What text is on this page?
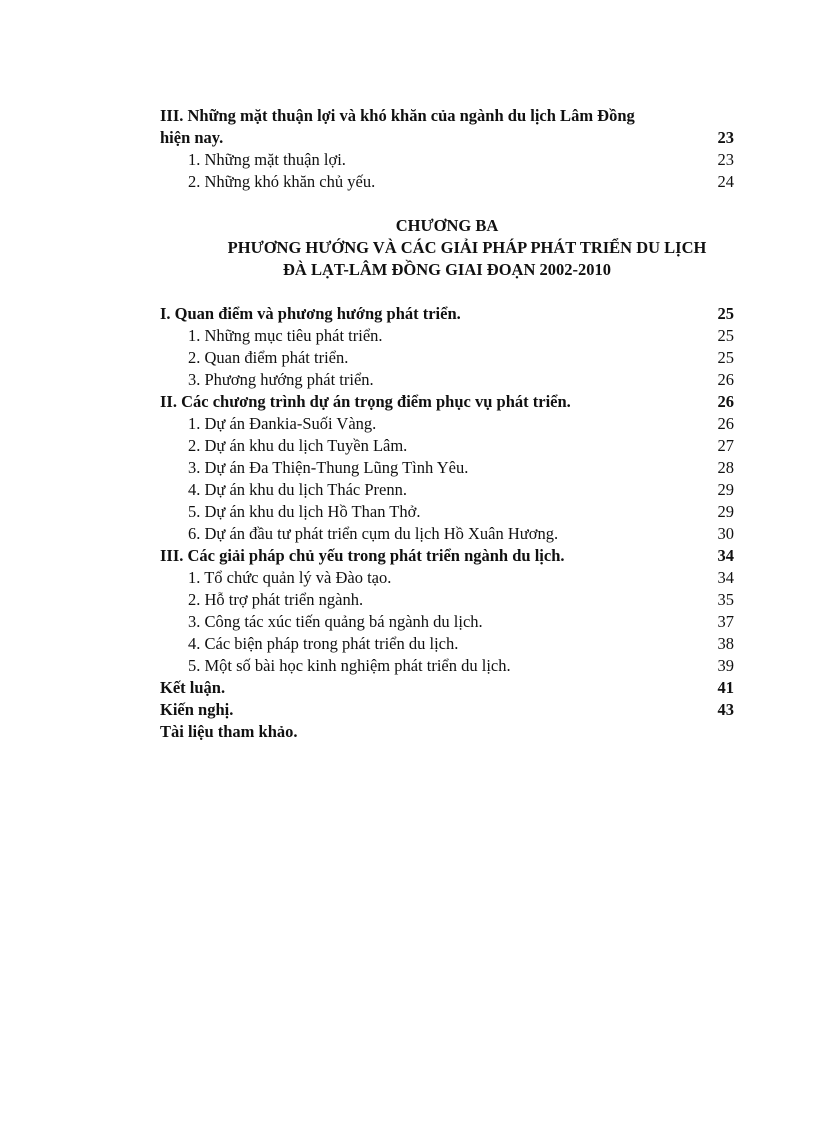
III. Những mặt thuận lợi và khó khăn của ngành du lịch Lâm Đồng
hiện nay.	23
1. Những mặt thuận lợi.	23
2. Những khó khăn chủ yếu.	24
CHƯƠNG BA
PHƯƠNG HƯỚNG VÀ CÁC GIẢI PHÁP PHÁT TRIỂN DU LỊCH
ĐÀ LẠT-LÂM ĐỒNG GIAI ĐOẠN 2002-2010
I. Quan điểm và phương hướng phát triển.	25
1. Những mục tiêu phát triển.	25
2. Quan điểm phát triển.	25
3. Phương hướng phát triển.	26
II. Các chương trình dự án trọng điểm phục vụ phát triển.	26
1. Dự án Đankia-Suối Vàng.	26
2. Dự án khu du lịch Tuyền Lâm.	27
3. Dự án Đa Thiện-Thung Lũng Tình Yêu.	28
4. Dự án khu du lịch Thác Prenn.	29
5. Dự án khu du lịch Hồ Than Thở.	29
6. Dự án đầu tư phát triển cụm du lịch Hồ Xuân Hương.	30
III. Các giải pháp chủ yếu trong phát triển ngành du lịch.	34
1. Tổ chức quản lý và Đào tạo.	34
2. Hỗ trợ phát triển ngành.	35
3. Công tác xúc tiến quảng bá ngành du lịch.	37
4. Các biện pháp trong phát triển du lịch.	38
5. Một số bài học kinh nghiệm phát triển du lịch.	39
Kết luận.	41
Kiến nghị.	43
Tài liệu tham khảo.
